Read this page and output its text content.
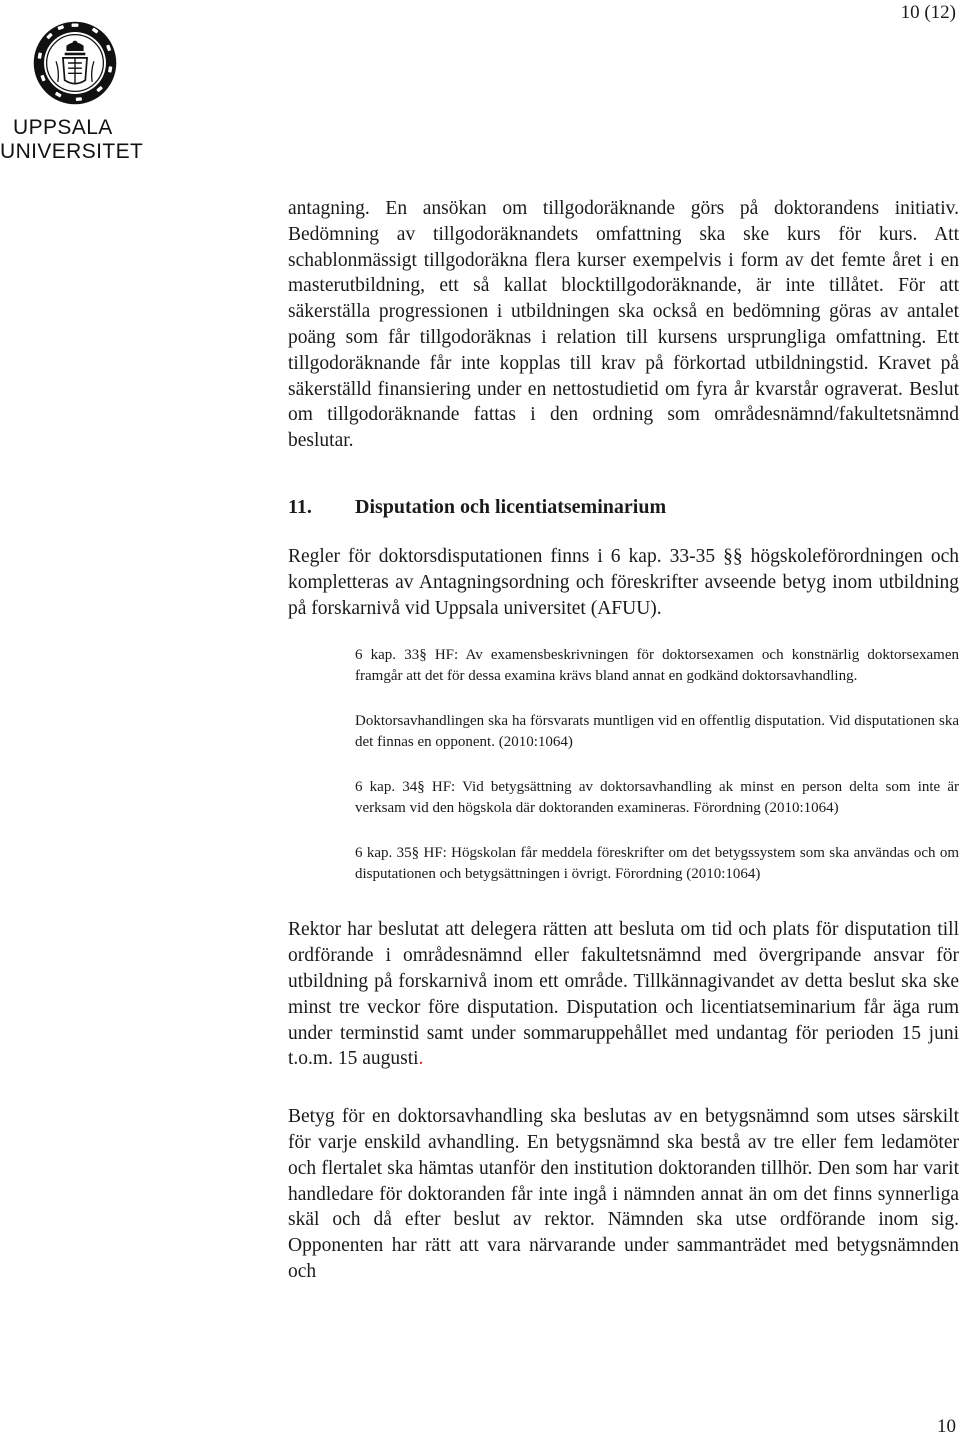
10 (12)
UPPSALA
UNIVERSITET

antagning. En ansökan om tillgodoräknande görs på doktorandens initiativ. Bedömning av tillgodoräknandets omfattning ska ske kurs för kurs. Att schablonmässigt tillgodoräkna flera kurser exempelvis i form av det femte året i en masterutbildning, ett så kallat blocktillgodoräknande, är inte tillåtet. För att säkerställa progressionen i utbildningen ska också en bedömning göras av antalet poäng som får tillgodoräknas i relation till kursens ursprungliga omfattning. Ett tillgodoräknande får inte kopplas till krav på förkortad utbildningstid. Kravet på säkerställd finansiering under en nettostudietid om fyra år kvarstår ograverat. Beslut om tillgodoräknande fattas i den ordning som områdesnämnd/fakultetsnämnd beslutar.

11.	Disputation och licentiatseminarium

Regler för doktorsdisputationen finns i 6 kap. 33-35 §§ högskoleförordningen och kompletteras av Antagningsordning och föreskrifter avseende betyg inom utbildning på forskarnivå vid Uppsala universitet (AFUU).

6 kap. 33§ HF: Av examensbeskrivningen för doktorsexamen och konstnärlig doktorsexamen framgår att det för dessa examina krävs bland annat en godkänd doktorsavhandling.

Doktorsavhandlingen ska ha försvarats muntligen vid en offentlig disputation. Vid disputationen ska det finnas en opponent. (2010:1064)

6 kap. 34§ HF: Vid betygsättning av doktorsavhandling ak minst en person delta som inte är verksam vid den högskola där doktoranden examineras. Förordning (2010:1064)

6 kap. 35§ HF: Högskolan får meddela föreskrifter om det betygssystem som ska användas och om disputationen och betygsättningen i övrigt. Förordning (2010:1064)

Rektor har beslutat att delegera rätten att besluta om tid och plats för disputation till ordförande i områdesnämnd eller fakultetsnämnd med övergripande ansvar för utbildning på forskarnivå inom ett område. Tillkännagivandet av detta beslut ska ske minst tre veckor före disputation. Disputation och licentiatseminarium får äga rum under terminstid samt under sommaruppehållet med undantag för perioden 15 juni t.o.m. 15 augusti.

Betyg för en doktorsavhandling ska beslutas av en betygsnämnd som utses särskilt för varje enskild avhandling. En betygsnämnd ska bestå av tre eller fem ledamöter och flertalet ska hämtas utanför den institution doktoranden tillhör. Den som har varit handledare för doktoranden får inte ingå i nämnden annat än om det finns synnerliga skäl och då efter beslut av rektor. Nämnden ska utse ordförande inom sig. Opponenten har rätt att vara närvarande under sammanträdet med betygsnämnden och

10
